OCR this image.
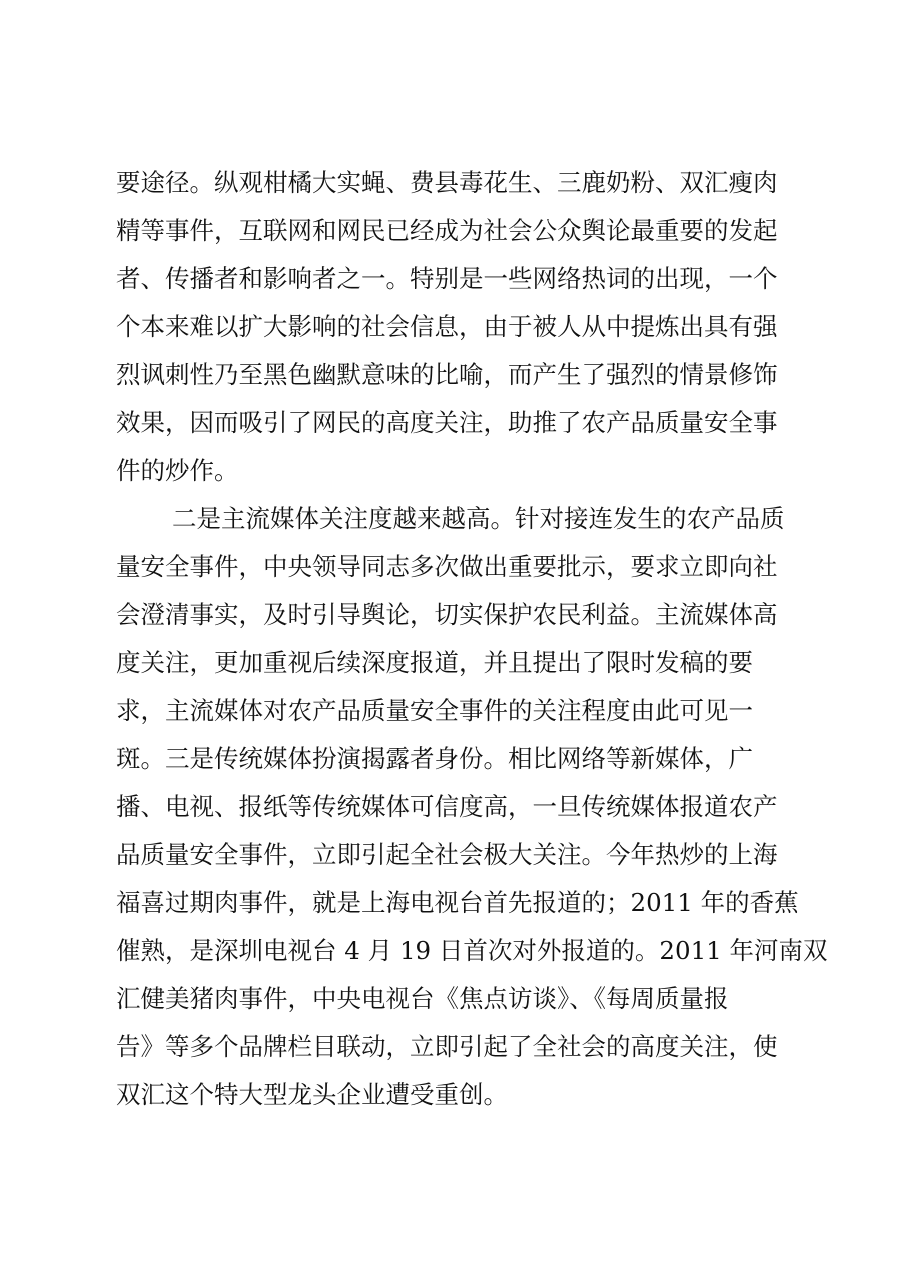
要途径。纵观柑橘大实蝇、费县毒花生、三鹿奶粉、双汇瘦肉
精等事件，互联网和网民已经成为社会公众舆论最重要的发起
者、传播者和影响者之一。特别是一些网络热词的出现，一个
个本来难以扩大影响的社会信息，由于被人从中提炼出具有强
烈讽刺性乃至黑色幽默意味的比喻，而产生了强烈的情景修饰
效果，因而吸引了网民的高度关注，助推了农产品质量安全事
件的炒作。
二是主流媒体关注度越来越高。针对接连发生的农产品质
量安全事件，中央领导同志多次做出重要批示，要求立即向社
会澄清事实，及时引导舆论，切实保护农民利益。主流媒体高
度关注，更加重视后续深度报道，并且提出了限时发稿的要
求，主流媒体对农产品质量安全事件的关注程度由此可见一
斑。三是传统媒体扮演揭露者身份。相比网络等新媒体，广
播、电视、报纸等传统媒体可信度高，一旦传统媒体报道农产
品质量安全事件，立即引起全社会极大关注。今年热炒的上海
福喜过期肉事件，就是上海电视台首先报道的；2011 年的香蕉
催熟，是深圳电视台 4 月 19 日首次对外报道的。2011 年河南双
汇健美猪肉事件，中央电视台《焦点访谈》、《每周质量报
告》等多个品牌栏目联动，立即引起了全社会的高度关注，使
双汇这个特大型龙头企业遭受重创。
